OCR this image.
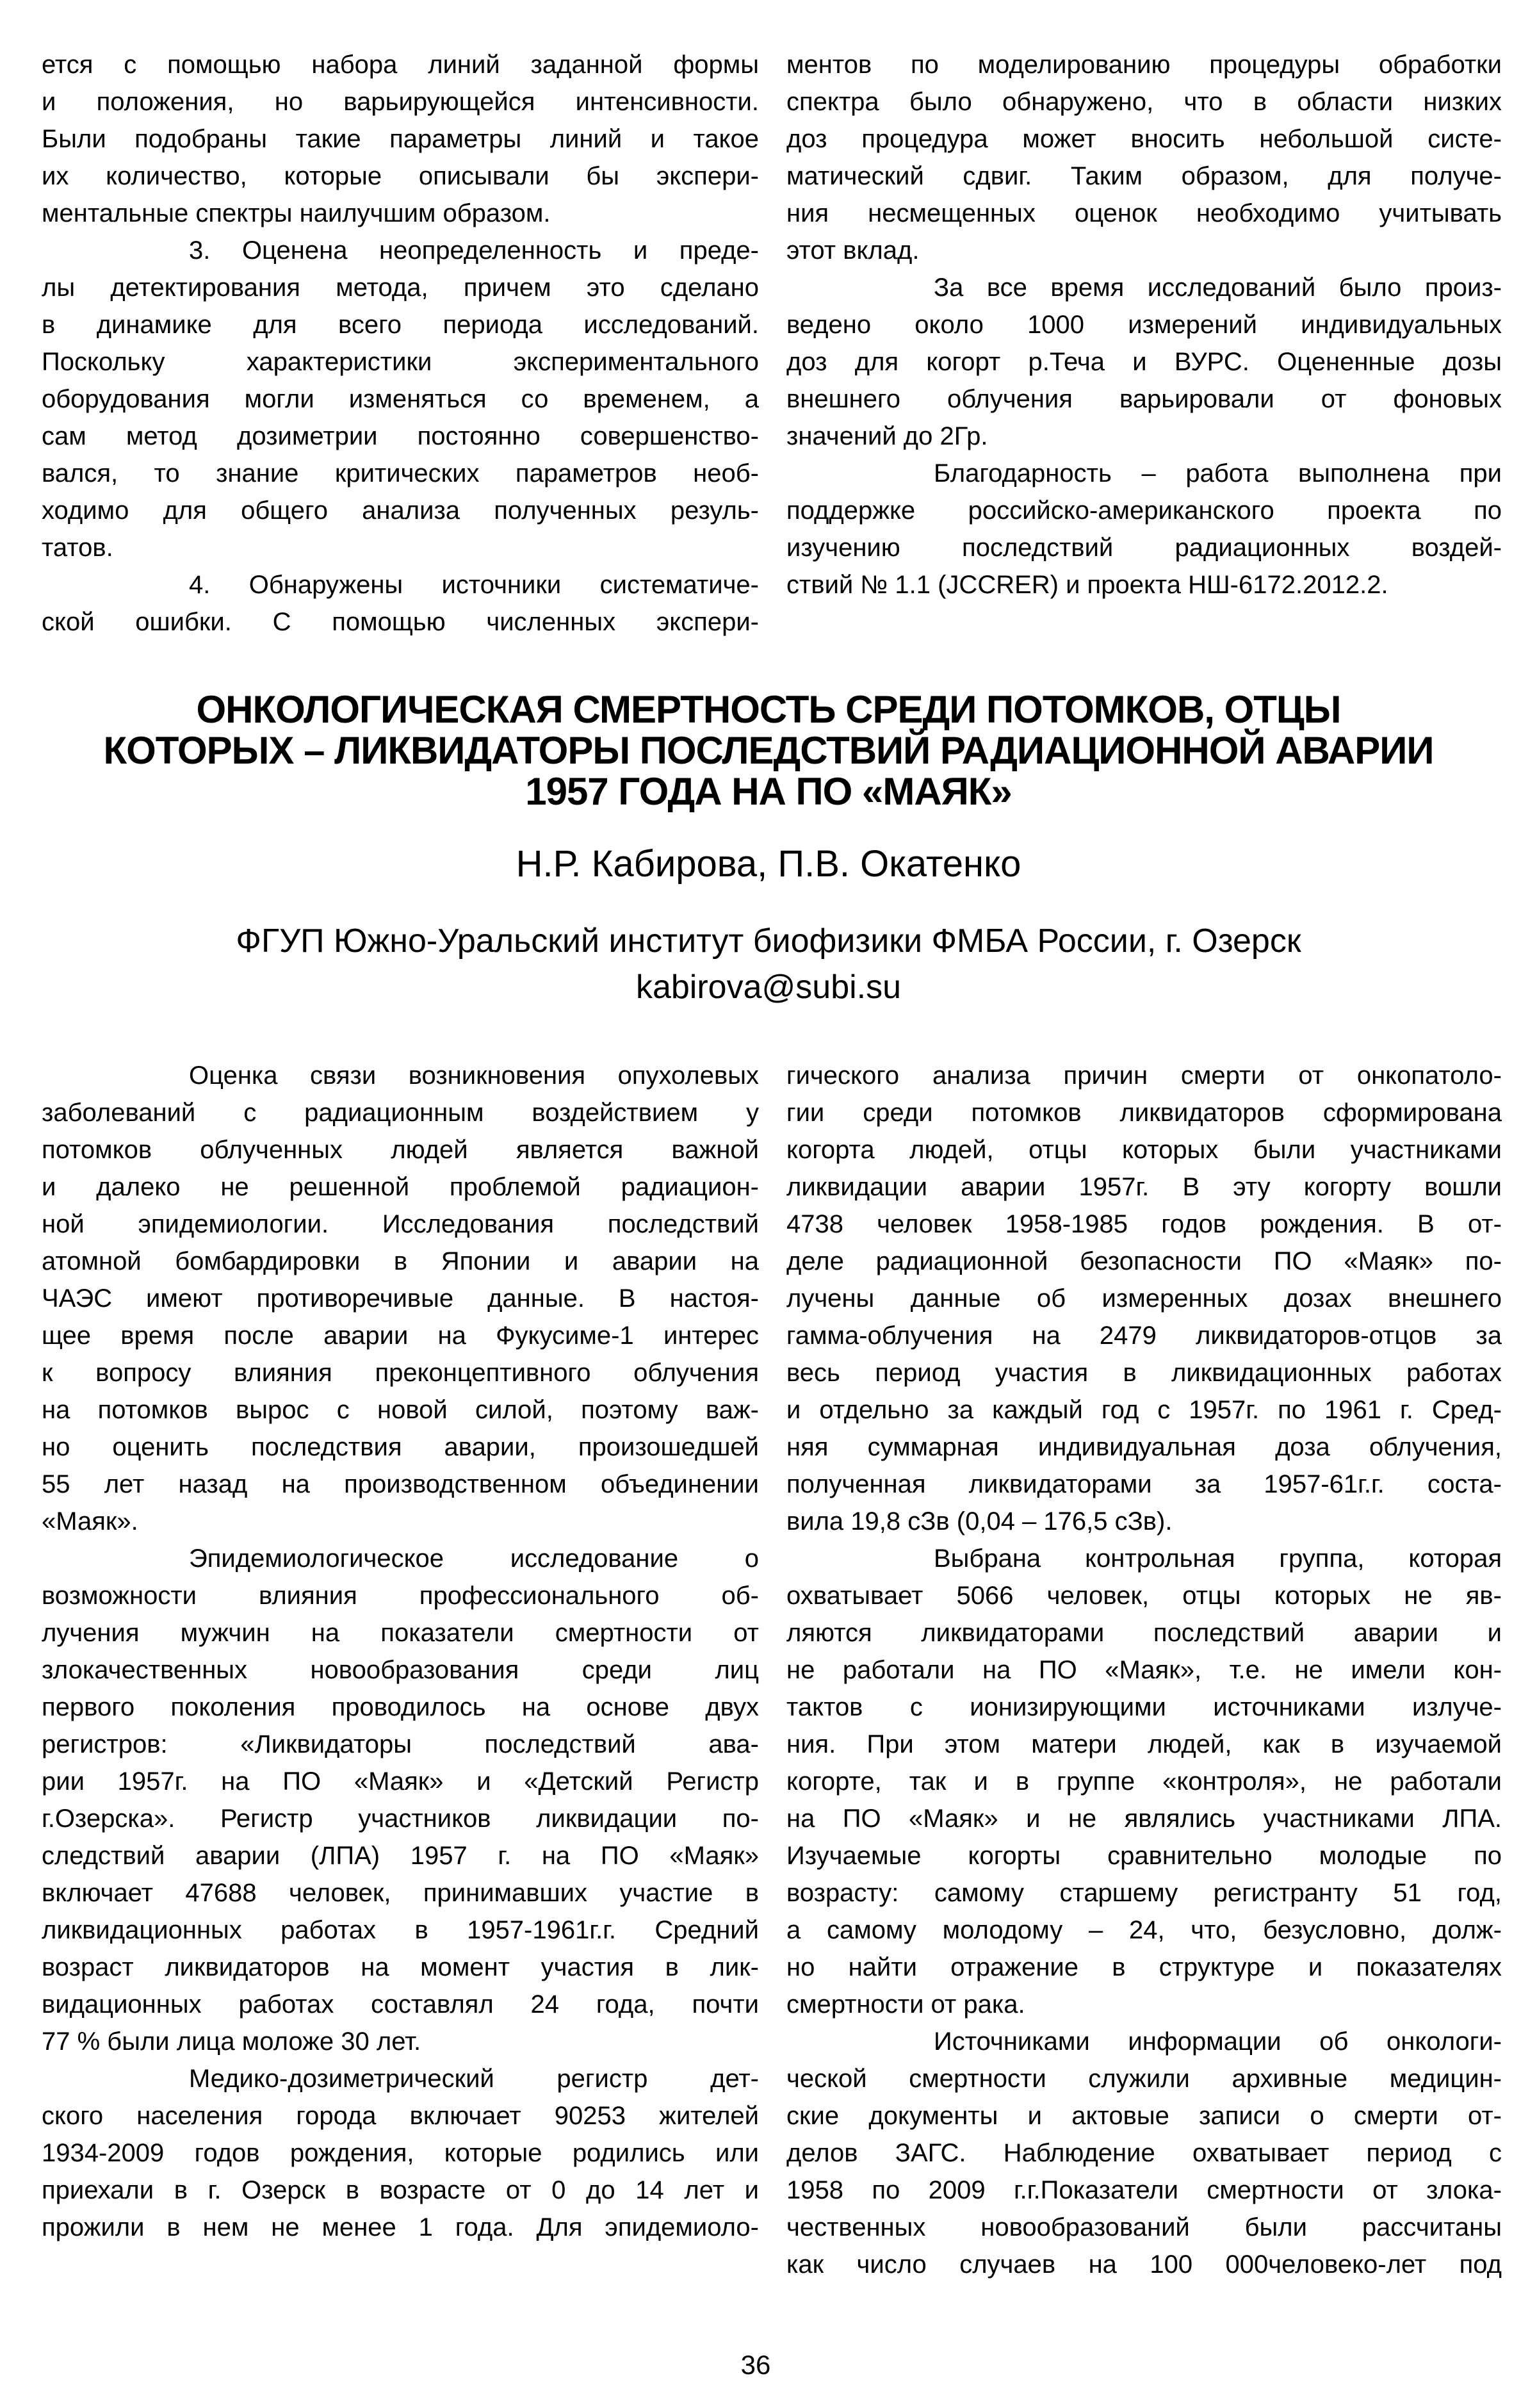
ется с помощью набора линий заданной формы
и положения, но варьирующейся интенсивности.
Были подобраны такие параметры линий и такое
их количество, которые описывали бы экспери-
ментальные спектры наилучшим образом.
3. Оценена неопределенность и преде-
лы детектирования метода, причем это сделано
в динамике для всего периода исследований.
Поскольку характеристики экспериментального
оборудования могли изменяться со временем, а
сам метод дозиметрии постоянно совершенство-
вался, то знание критических параметров необ-
ходимо для общего анализа полученных резуль-
татов.
4. Обнаружены источники систематиче-
ской ошибки. С помощью численных экспери-
ментов по моделированию процедуры обработки
спектра было обнаружено, что в области низких
доз процедура может вносить небольшой систе-
матический сдвиг. Таким образом, для получе-
ния несмещенных оценок необходимо учитывать
этот вклад.
За все время исследований было произ-
ведено около 1000 измерений индивидуальных
доз для когорт р.Теча и ВУРС. Оцененные дозы
внешнего облучения варьировали от фоновых
значений до 2Гр.
Благодарность – работа выполнена при
поддержке российско-американского проекта по
изучению последствий радиационных воздей-
ствий № 1.1 (JCCRER) и проекта НШ-6172.2012.2.
ОНКОЛОГИЧЕСКАЯ СМЕРТНОСТЬ СРЕДИ ПОТОМКОВ, ОТЦЫ
КОТОРЫХ – ЛИКВИДАТОРЫ ПОСЛЕДСТВИЙ РАДИАЦИОННОЙ АВАРИИ
1957 ГОДА НА ПО «МАЯК»
Н.Р. Кабирова, П.В. Окатенко
ФГУП Южно-Уральский институт биофизики ФМБА России, г. Озерск
kabirova@subi.su
Оценка связи возникновения опухолевых
заболеваний с радиационным воздействием у
потомков облученных людей является важной
и далеко не решенной проблемой радиацион-
ной эпидемиологии. Исследования последствий
атомной бомбардировки в Японии и аварии на
ЧАЭС имеют противоречивые данные. В настоя-
щее время после аварии на Фукусиме-1 интерес
к вопросу влияния преконцептивного облучения
на потомков вырос с новой силой, поэтому важ-
но оценить последствия аварии, произошедшей
55 лет назад на производственном объединении
«Маяк».
Эпидемиологическое исследование о
возможности влияния профессионального об-
лучения мужчин на показатели смертности от
злокачественных новообразования среди лиц
первого поколения проводилось на основе двух
регистров: «Ликвидаторы последствий ава-
рии 1957г. на ПО «Маяк» и «Детский Регистр
г.Озерска». Регистр участников ликвидации по-
следствий аварии (ЛПА) 1957 г. на ПО «Маяк»
включает 47688 человек, принимавших участие в
ликвидационных работах в 1957-1961г.г. Средний
возраст ликвидаторов на момент участия в лик-
видационных работах составлял 24 года, почти
77 % были лица моложе 30 лет.
Медико-дозиметрический регистр дет-
ского населения города включает 90253 жителей
1934-2009 годов рождения, которые родились или
приехали в г. Озерск в возрасте от 0 до 14 лет и
прожили в нем не менее 1 года. Для эпидемиоло-
гического анализа причин смерти от онкопатоло-
гии среди потомков ликвидаторов сформирована
когорта людей, отцы которых были участниками
ликвидации аварии 1957г. В эту когорту вошли
4738 человек 1958-1985 годов рождения. В от-
деле радиационной безопасности ПО «Маяк» по-
лучены данные об измеренных дозах внешнего
гамма-облучения на 2479 ликвидаторов-отцов за
весь период участия в ликвидационных работах
и отдельно за каждый год с 1957г. по 1961 г. Сред-
няя суммарная индивидуальная доза облучения,
полученная ликвидаторами за 1957-61г.г. соста-
вила 19,8 сЗв (0,04 – 176,5 сЗв).
Выбрана контрольная группа, которая
охватывает 5066 человек, отцы которых не яв-
ляются ликвидаторами последствий аварии и
не работали на ПО «Маяк», т.е. не имели кон-
тактов с ионизирующими источниками излуче-
ния. При этом матери людей, как в изучаемой
когорте, так и в группе «контроля», не работали
на ПО «Маяк» и не являлись участниками ЛПА.
Изучаемые когорты сравнительно молодые по
возрасту: самому старшему регистранту 51 год,
а самому молодому – 24, что, безусловно, долж-
но найти отражение в структуре и показателях
смертности от рака.
Источниками информации об онкологи-
ческой смертности служили архивные медицин-
ские документы и актовые записи о смерти от-
делов ЗАГС. Наблюдение охватывает период с
1958 по 2009 г.г.Показатели смертности от злока-
чественных новообразований были рассчитаны
как число случаев на 100 000человеко-лет под
36
